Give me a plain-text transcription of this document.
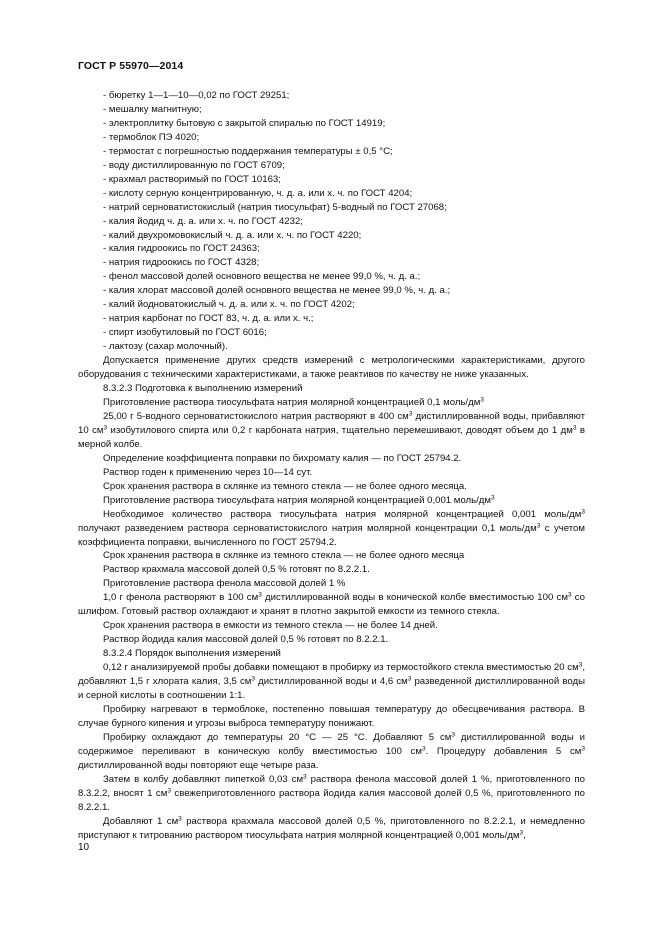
ГОСТ Р 55970—2014

- бюретку 1—1—10—0,02 по ГОСТ 29251;

- мешалку магнитную;

- электроплитку бытовую с закрытой спиралью по ГОСТ 14919;

- термоблок ПЭ 4020;

- термостат с погрешностью поддержания температуры ± 0,5 °С;

- воду дистиллированную по ГОСТ 6709;

- крахмал растворимый по ГОСТ 10163;

- кислоту серную концентрированную, ч. д. а. или х. ч. по ГОСТ 4204;

- натрий серноватистокислый (натрия тиосульфат) 5-водный по ГОСТ 27068;

- калия йодид ч. д. а. или х. ч. по ГОСТ 4232;

- калий двухромовокислый ч. д. а. или х. ч. по ГОСТ 4220;

- калия гидроокись по ГОСТ 24363;

- натрия гидроокись по ГОСТ 4328;

- фенол массовой долей основного вещества не менее 99,0 %, ч. д. а.;

- калия хлорат массовой долей основного вещества не менее 99,0 %, ч. д. а.;

- калий йодноватокислый ч. д. а. или х. ч. по ГОСТ 4202;

- натрия карбонат по ГОСТ 83, ч. д. а. или х. ч.;

- спирт изобутиловый по ГОСТ 6016;

- лактозу (сахар молочный).

Допускается применение других средств измерений с метрологическими характеристиками, другого оборудования с техническими характеристиками, а также реактивов по качеству не ниже указанных.

8.3.2.3 Подготовка к выполнению измерений

Приготовление раствора тиосульфата натрия молярной концентрацией 0,1 моль/$дм^3$

25,00 г 5-водного серноватистокислого натрия растворяют в 400 $см^3$ дистиллированной воды, прибавляют 10 $см^3$ изобутилового спирта или 0,2 г карбоната натрия, тщательно перемешивают, доводят объем до 1 $дм^3$ в мерной колбе.

Определение коэффициента поправки по бихромату калия — по ГОСТ 25794.2.

Раствор годен к применению через 10—14 сут.

Срок хранения раствора в склянке из темного стекла — не более одного месяца.

Приготовление раствора тиосульфата натрия молярной концентрацией 0,001 моль/$дм^3$

Необходимое количество раствора тиосульфата натрия молярной концентрацией 0,001 моль/$дм^3$ получают разведением раствора серноватистокислого натрия молярной концентрации 0,1 моль/$дм^3$ с учетом коэффициента поправки, вычисленного по ГОСТ 25794.2.

Срок хранения раствора в склянке из темного стекла — не более одного месяца

Раствор крахмала массовой долей 0,5 % готовят по 8.2.2.1.

Приготовление раствора фенола массовой долей 1 %

1,0 г фенола растворяют в 100 $см^3$ дистиллированной воды в конической колбе вместимостью 100 $см^3$ со шлифом. Готовый раствор охлаждают и хранят в плотно закрытой емкости из темного стекла.

Срок хранения раствора в емкости из темного стекла — не более 14 дней.

Раствор йодида калия массовой долей 0,5 % готовят по 8.2.2.1.

8.3.2.4 Порядок выполнения измерений

0,12 г анализируемой пробы добавки помещают в пробирку из термостойкого стекла вместимостью 20 $см^3$, добавляют 1,5 г хлората калия, 3,5 $см^3$ дистиллированной воды и 4,6 $см^3$ разведенной дистиллированной воды и серной кислоты в соотношении 1:1.

Пробирку нагревают в термоблоке, постепенно повышая температуру до обесцвечивания раствора. В случае бурного кипения и угрозы выброса температуру понижают.

Пробирку охлаждают до температуры 20 °С — 25 °С. Добавляют 5 $см^3$ дистиллированной воды и содержимое переливают в коническую колбу вместимостью 100 $см^3$. Процедуру добавления 5 $см^3$ дистиллированной воды повторяют еще четыре раза.

Затем в колбу добавляют пипеткой 0,03 $см^3$ раствора фенола массовой долей 1 %, приготовленного по 8.3.2.2, вносят 1 $см^3$ свежеприготовленного раствора йодида калия массовой долей 0,5 %, приготовленного по 8.2.2.1.

Добавляют 1 $см^3$ раствора крахмала массовой долей 0,5 %, приготовленного по 8.2.2.1, и немедленно приступают к титрованию раствором тиосульфата натрия молярной концентрацией 0,001 моль/$дм^3$,

10
